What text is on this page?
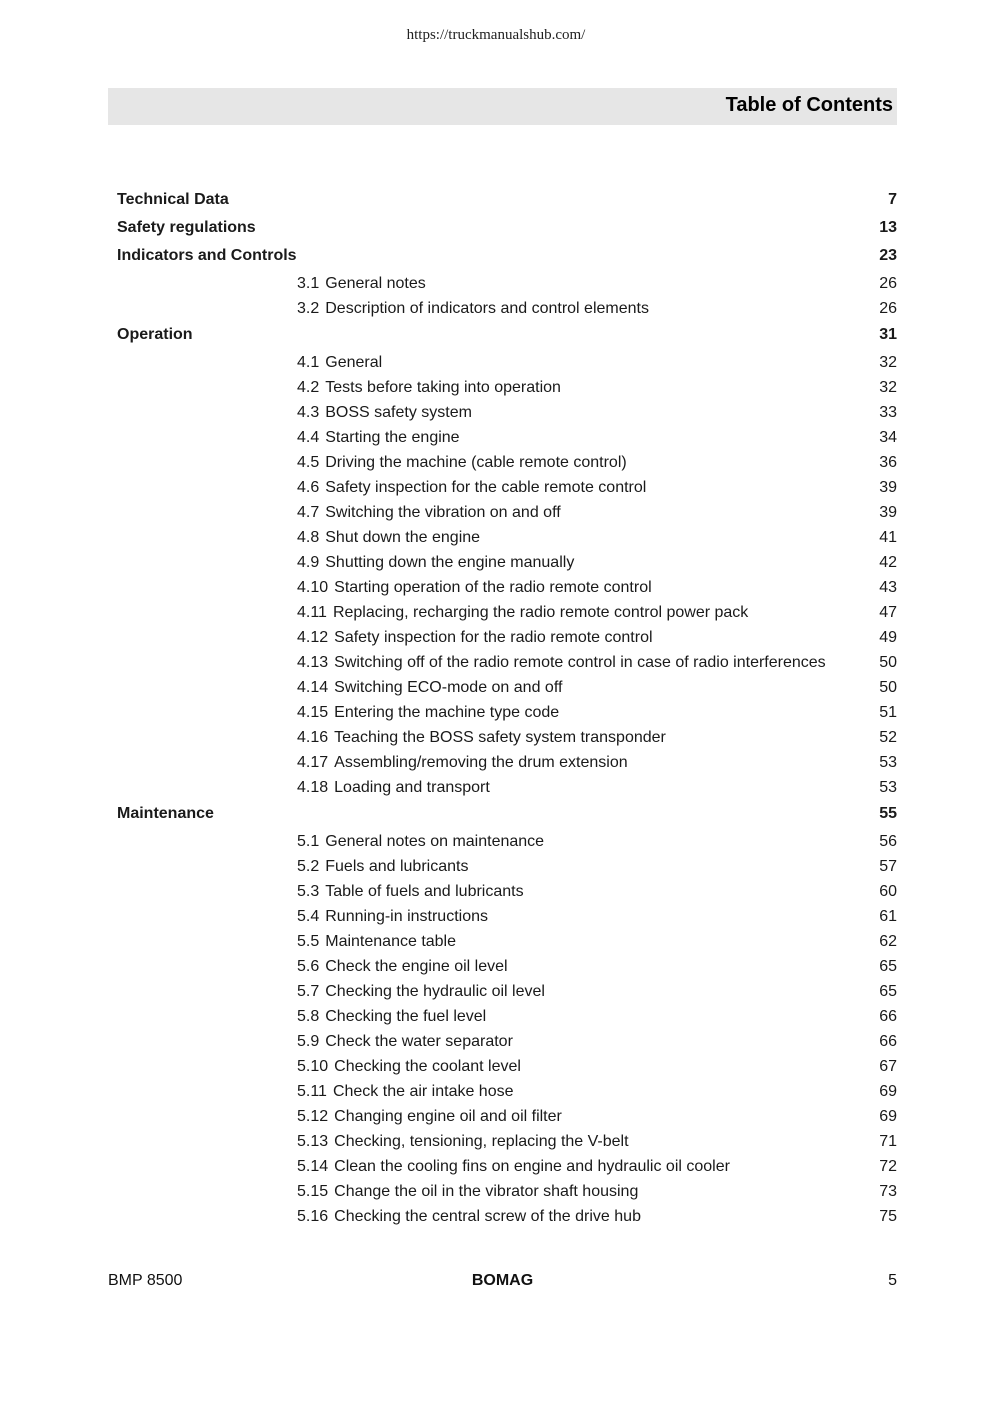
https://truckmanualshub.com/
Table of Contents
Technical Data	7
Safety regulations	13
Indicators and Controls	23
3.1 General notes	26
3.2 Description of indicators and control elements	26
Operation	31
4.1 General	32
4.2 Tests before taking into operation	32
4.3 BOSS safety system	33
4.4 Starting the engine	34
4.5 Driving the machine (cable remote control)	36
4.6 Safety inspection for the cable remote control	39
4.7 Switching the vibration on and off	39
4.8 Shut down the engine	41
4.9 Shutting down the engine manually	42
4.10 Starting operation of the radio remote control	43
4.11 Replacing, recharging the radio remote control power pack	47
4.12 Safety inspection for the radio remote control	49
4.13 Switching off of the radio remote control in case of radio interferences	50
4.14 Switching ECO-mode on and off	50
4.15 Entering the machine type code	51
4.16 Teaching the BOSS safety system transponder	52
4.17 Assembling/removing the drum extension	53
4.18 Loading and transport	53
Maintenance	55
5.1 General notes on maintenance	56
5.2 Fuels and lubricants	57
5.3 Table of fuels and lubricants	60
5.4 Running-in instructions	61
5.5 Maintenance table	62
5.6 Check the engine oil level	65
5.7 Checking the hydraulic oil level	65
5.8 Checking the fuel level	66
5.9 Check the water separator	66
5.10 Checking the coolant level	67
5.11 Check the air intake hose	69
5.12 Changing engine oil and oil filter	69
5.13 Checking, tensioning, replacing the V-belt	71
5.14 Clean the cooling fins on engine and hydraulic oil cooler	72
5.15 Change the oil in the vibrator shaft housing	73
5.16 Checking the central screw of the drive hub	75
BMP 8500	BOMAG	5
